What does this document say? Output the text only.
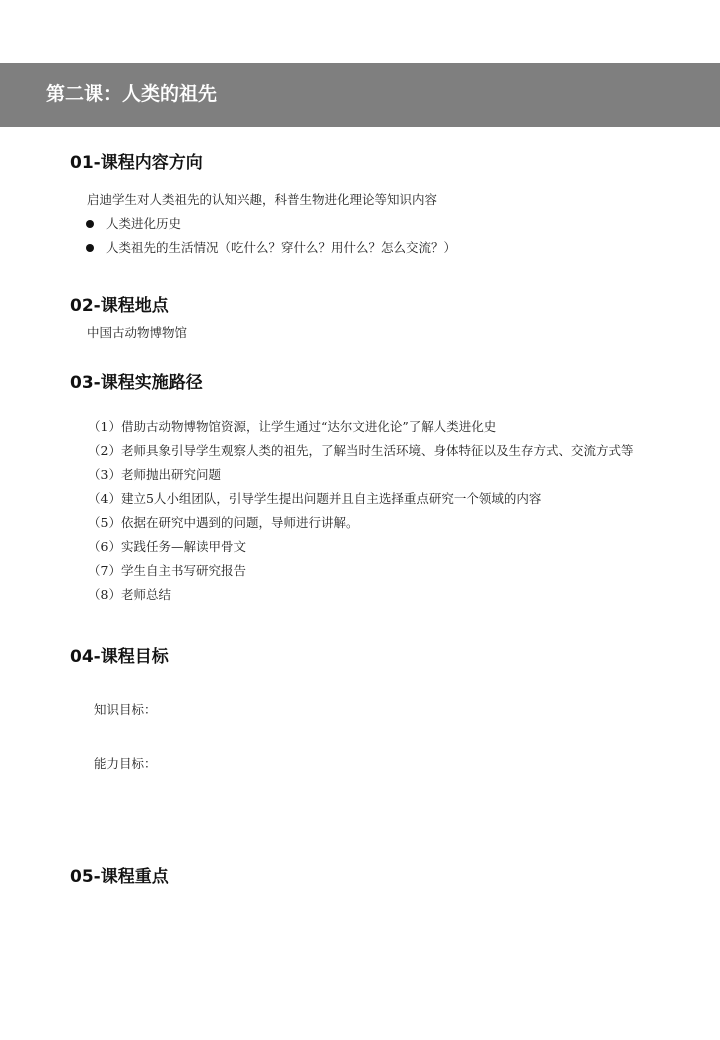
第二课：人类的祖先
01-课程内容方向
启迪学生对人类祖先的认知兴趣，科普生物进化理论等知识内容
人类进化历史
人类祖先的生活情况（吃什么？穿什么？用什么？怎么交流？）
02-课程地点
中国古动物博物馆
03-课程实施路径
（1）借助古动物博物馆资源，让学生通过“达尔文进化论”了解人类进化史
（2）老师具象引导学生观察人类的祖先，了解当时生活环境、身体特征以及生存方式、交流方式等
（3）老师抛出研究问题
（4）建立5人小组团队，引导学生提出问题并且自主选择重点研究一个领域的内容
（5）依据在研究中遇到的问题，导师进行讲解。
（6）实践任务—解读甲骨文
（7）学生自主书写研究报告
（8）老师总结
04-课程目标
知识目标：
能力目标：
05-课程重点
